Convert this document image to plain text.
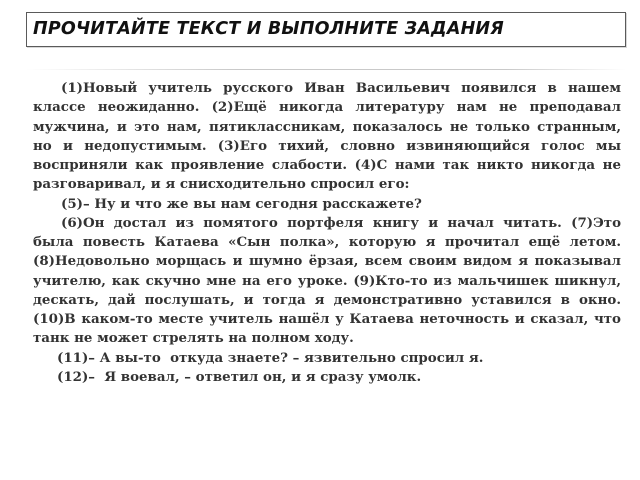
ПРОЧИТАЙТЕ ТЕКСТ И ВЫПОЛНИТЕ ЗАДАНИЯ

(1)Новый учитель русского Иван Васильевич появился в нашем классе неожиданно. (2)Ещё никогда литературу нам не преподавал мужчина, и это нам, пятиклассникам, показалось не только странным, но и недопустимым. (3)Его тихий, словно извиняющийся голос мы восприняли как проявление слабости. (4)С нами так никто никогда не разговаривал, и я снисходительно спросил его:

(5)– Ну и что же вы нам сегодня расскажете?

(6)Он достал из помятого портфеля книгу и начал читать. (7)Это была повесть Катаева «Сын полка», которую я прочитал ещё летом. (8)Недовольно морщась и шумно ёрзая, всем своим видом я показывал учителю, как скучно мне на его уроке. (9)Кто-то из мальчишек шикнул, дескать, дай послушать, и тогда я демонстративно уставился в окно. (10)В каком-то месте учитель нашёл у Катаева неточность и сказал, что танк не может стрелять на полном ходу.

(11)– А вы-то  откуда знаете? – язвительно спросил я.

(12)–  Я воевал, – ответил он, и я сразу умолк.
